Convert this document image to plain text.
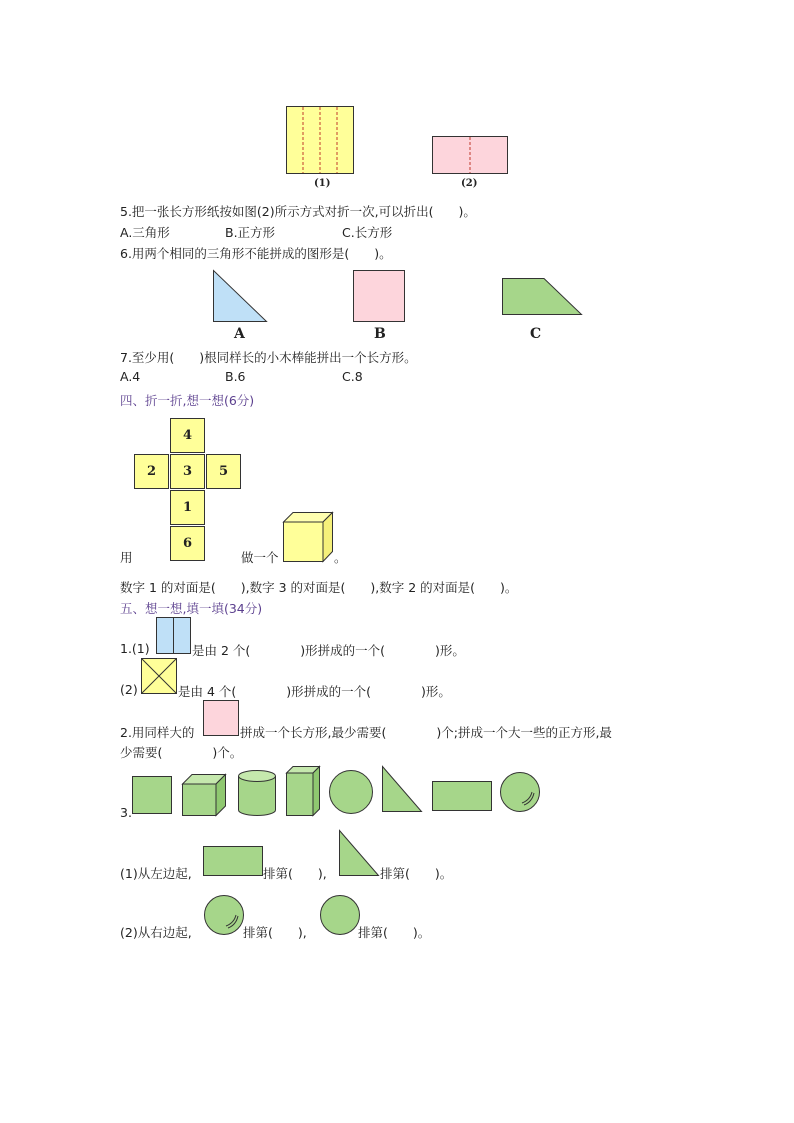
(1)	(2)
5.把一张长方形纸按如图(2)所示方式对折一次,可以折出(　　)。
A.三角形	B.正方形	C.长方形
6.用两个相同的三角形不能拼成的图形是(　　)。
A	B	C
7.至少用(　　)根同样长的小木棒能拼出一个长方形。
A.4	B.6	C.8
四、折一折,想一想(6分)
4
2	3	5
1
6
用	做一个	。
数字 1 的对面是(　　),数字 3 的对面是(　　),数字 2 的对面是(　　)。
五、想一想,填一填(34分)
1.(1)	是由 2 个(　　　　)形拼成的一个(　　　　)形。
(2)	是由 4 个(　　　　)形拼成的一个(　　　　)形。
2.用同样大的	拼成一个长方形,最少需要(　　　　)个;拼成一个大一些的正方形,最
少需要(　　　　)个。
3.
(1)从左边起,	排第(　　),	排第(　　)。
(2)从右边起,	排第(　　),	排第(　　)。
